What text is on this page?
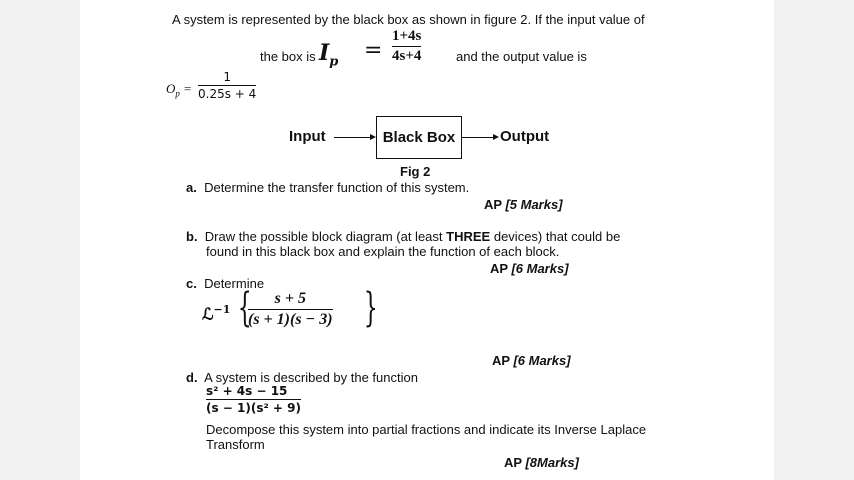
A system is represented by the black box as shown in figure 2. If the input value of
the box is $I_p$ =
1+4s
4s+4	and the output value is
$O_p$ =
1
0.25s + 4
Input	Black Box	Output
Fig 2
a. Determine the transfer function of this system.
AP [5 Marks]
b. Draw the possible block diagram (at least THREE devices) that could be
found in this black box and explain the function of each block.
AP [6 Marks]
c. Determine
ℒ$^{-1}$ { s + 5
(s + 1)(s − 3) }
AP [6 Marks]
d. A system is described by the function
s² + 4s − 15
(s − 1)(s² + 9)
Decompose this system into partial fractions and indicate its Inverse Laplace
Transform
AP [8Marks]
